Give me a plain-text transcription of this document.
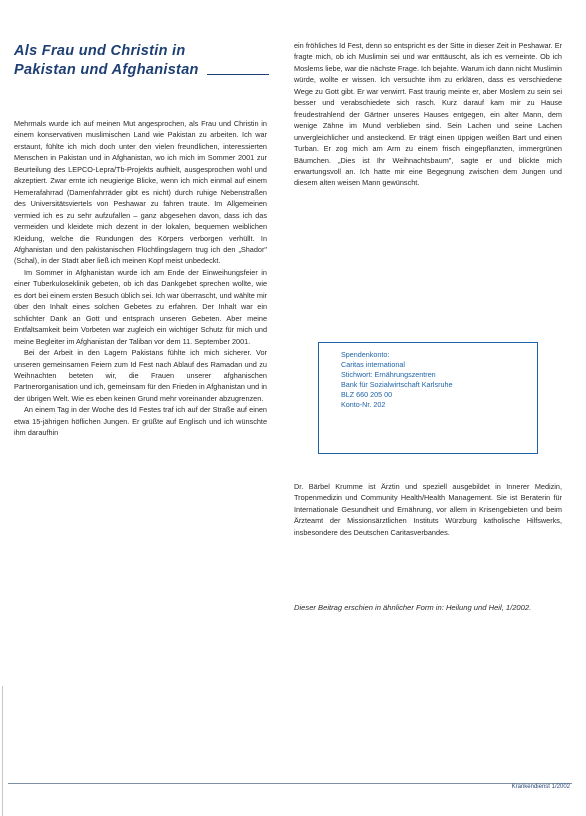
Als Frau und Christin in
Pakistan und Afghanistan

Mehrmals wurde ich auf meinen Mut angesprochen, als Frau und Christin in einem konservativen muslimischen Land wie Pakistan zu arbeiten. Ich war erstaunt, fühlte ich mich doch unter den vielen freundlichen, interessierten Menschen in Pakistan und in Afghanistan, wo ich mich im Sommer 2001 zur Beurteilung des LEPCO-Lepra/Tb-Projekts aufhielt, ausgesprochen wohl und akzeptiert. Zwar ernte ich neugierige Blicke, wenn ich mich einmal auf einem Hemerafahrrad (Damenfahrräder gibt es nicht) durch ruhige Nebenstraßen des Universitätsviertels von Peshawar zu fahren traute. Im Allgemeinen vermied ich es zu sehr aufzufallen – ganz abgesehen davon, dass ich das vermeiden und kleidete mich dezent in der lokalen, bequemen weiblichen Kleidung, welche die Rundungen des Körpers verborgen verhüllt. In Afghanistan und den pakistanischen Flüchtlingslagern trug ich den „Shador" (Schal), in der Stadt aber ließ ich meinen Kopf meist unbedeckt.

Im Sommer in Afghanistan wurde ich am Ende der Einweihungsfeier in einer Tuberkuloseklinik gebeten, ob ich das Dankgebet sprechen wollte, wie es dort bei einem ersten Besuch üblich sei. Ich war überrascht, und wählte mir über den Inhalt eines solchen Gebetes zu erfahren. Der Inhalt war ein schlichter Dank an Gott und entsprach unseren Gebeten. Aber meine Entfaltsamkeit beim Vorbeten war zugleich ein wichtiger Schutz für mich und meine Begleiter im Afghanistan der Taliban vor dem 11. September 2001.

Bei der Arbeit in den Lagern Pakistans fühlte ich mich sicherer. Vor unseren gemeinsamen Feiern zum Id Fest nach Ablauf des Ramadan und zu Weihnachten beteten wir, die Frauen unserer afghanischen Partnerorganisation und ich, gemeinsam für den Frieden in Afghanistan und in der übrigen Welt. Wie es eben keinen Grund mehr voreinander abzugrenzen.

An einem Tag in der Woche des Id Festes traf ich auf der Straße auf einen etwa 15-jährigen höflichen Jungen. Er grüßte auf Englisch und ich wünschte ihm daraufhin

ein fröhliches Id Fest, denn so entspricht es der Sitte in dieser Zeit in Peshawar. Er fragte mich, ob ich Muslimin sei und war enttäuscht, als ich es verneinte. Ob ich Moslems liebe, war die nächste Frage. Ich bejahte. Warum ich dann nicht Muslimin würde, wollte er wissen. Ich versuchte ihm zu erklären, dass es verschiedene Wege zu Gott gibt. Er war verwirrt. Fast traurig meinte er, aber Moslem zu sein sei besser und verabschiedete sich rasch. Kurz darauf kam mir zu Hause freudestrahlend der Gärtner unseres Hauses entgegen, ein alter Mann, dem wenige Zähne im Mund verblieben sind. Sein Lachen und seine Lachen unvergleichlicher und ansteckend. Er trägt einen üppigen weißen Bart und einen Turban. Er zog mich am Arm zu einem frisch eingepflanzten, immergrünen Bäumchen. „Dies ist Ihr Weihnachtsbaum", sagte er und blickte mich erwartungsvoll an. Ich hatte mir eine Begegnung zwischen dem Jungen und diesem alten weisen Mann gewünscht.

Spendenkonto:
Caritas international
Stichwort: Ernährungszentren
Bank für Sozialwirtschaft Karlsruhe
BLZ 660 205 00
Konto-Nr. 202

Dr. Bärbel Krumme ist Ärztin und speziell ausgebildet in Innerer Medizin, Tropenmedizin und Community Health/Health Management. Sie ist Beraterin für Internationale Gesundheit und Ernährung, vor allem in Krisengebieten und beim Ärzteamt der Missionsärztlichen Instituts Würzburg katholische Hilfswerks, insbesondere des Deutschen Caritasverbandes.

Dieser Beitrag erschien in ähnlicher Form in: Heilung und Heil, 1/2002.
Krankendienst 1/2002
